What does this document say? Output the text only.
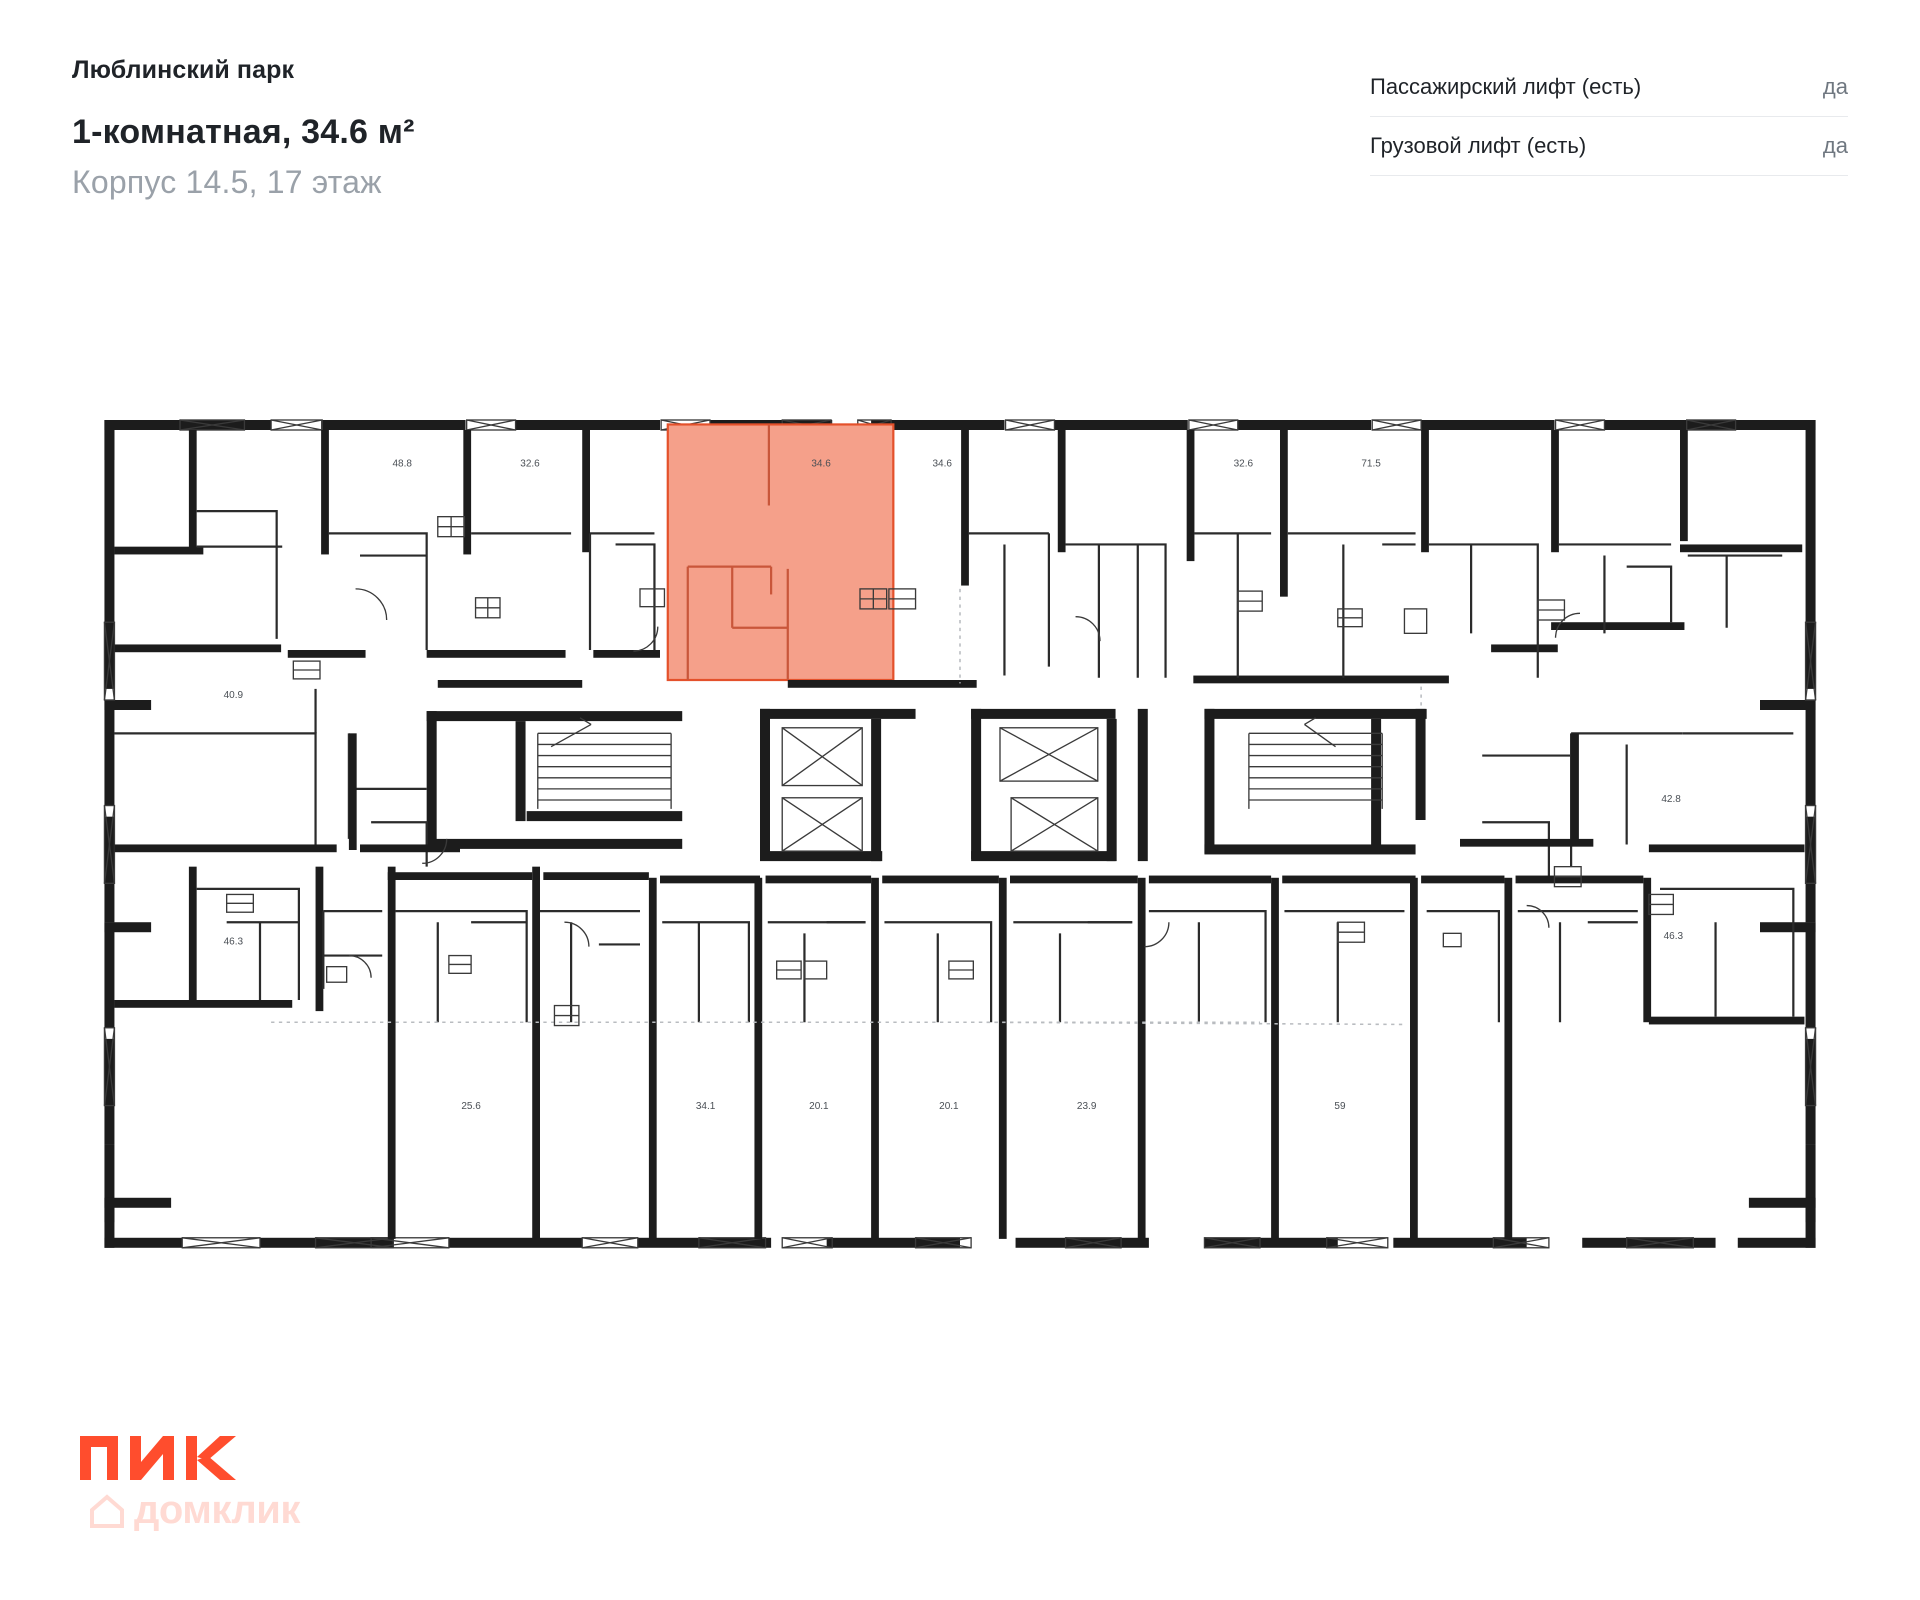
Люблинский парк
1-комнатная, 34.6 м²
Корпус 14.5, 17 этаж
Пассажирский лифт (есть)	да
Грузовой лифт (есть)	да
48.8	32.6	34.6	34.6	32.6	71.5
40.9
42.8
46.3
46.3
25.6	34.1	20.1	20.1	23.9	59
домклик
